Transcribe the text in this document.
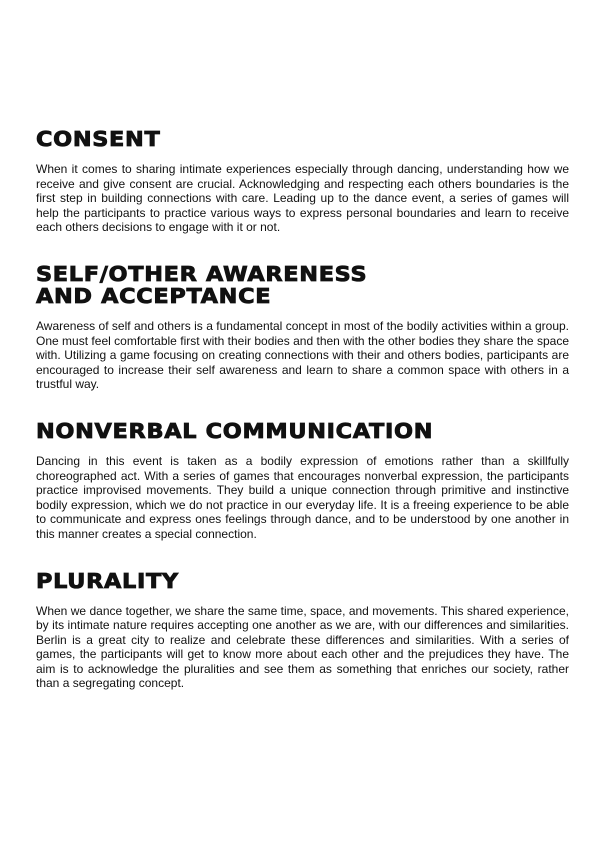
CONSENT

When it comes to sharing intimate experiences especially through dancing, understanding how we receive and give consent are crucial. Acknowledging and respecting each others boundaries is the first step in building connections with care. Leading up to the dance event, a series of games will help the participants to practice various ways to express personal boundaries and learn to receive each others decisions to engage with it or not.

SELF/OTHER AWARENESS
AND ACCEPTANCE

Awareness of self and others is a fundamental concept in most of the bodily activities within a group. One must feel comfortable first with their bodies and then with the other bodies they share the space with. Utilizing a game focusing on creating connections with their and others bodies, participants are encouraged to increase their self awareness and learn to share a common space with others in a trustful way.

NONVERBAL COMMUNICATION

Dancing in this event is taken as a bodily expression of emotions rather than a skillfully choreographed act. With a series of games that encourages nonverbal expression, the participants practice improvised movements. They build a unique connection through primitive and instinctive bodily expression, which we do not practice in our everyday life. It is a freeing experience to be able to communicate and express ones feelings through dance, and to be understood by one another in this manner creates a special connection.

PLURALITY

When we dance together, we share the same time, space, and movements. This shared experience, by its intimate nature requires accepting one another as we are, with our differences and similarities. Berlin is a great city to realize and celebrate these differences and similarities. With a series of games, the participants will get to know more about each other and the prejudices they have. The aim is to acknowledge the pluralities and see them as something that enriches our society, rather than a segregating concept.
